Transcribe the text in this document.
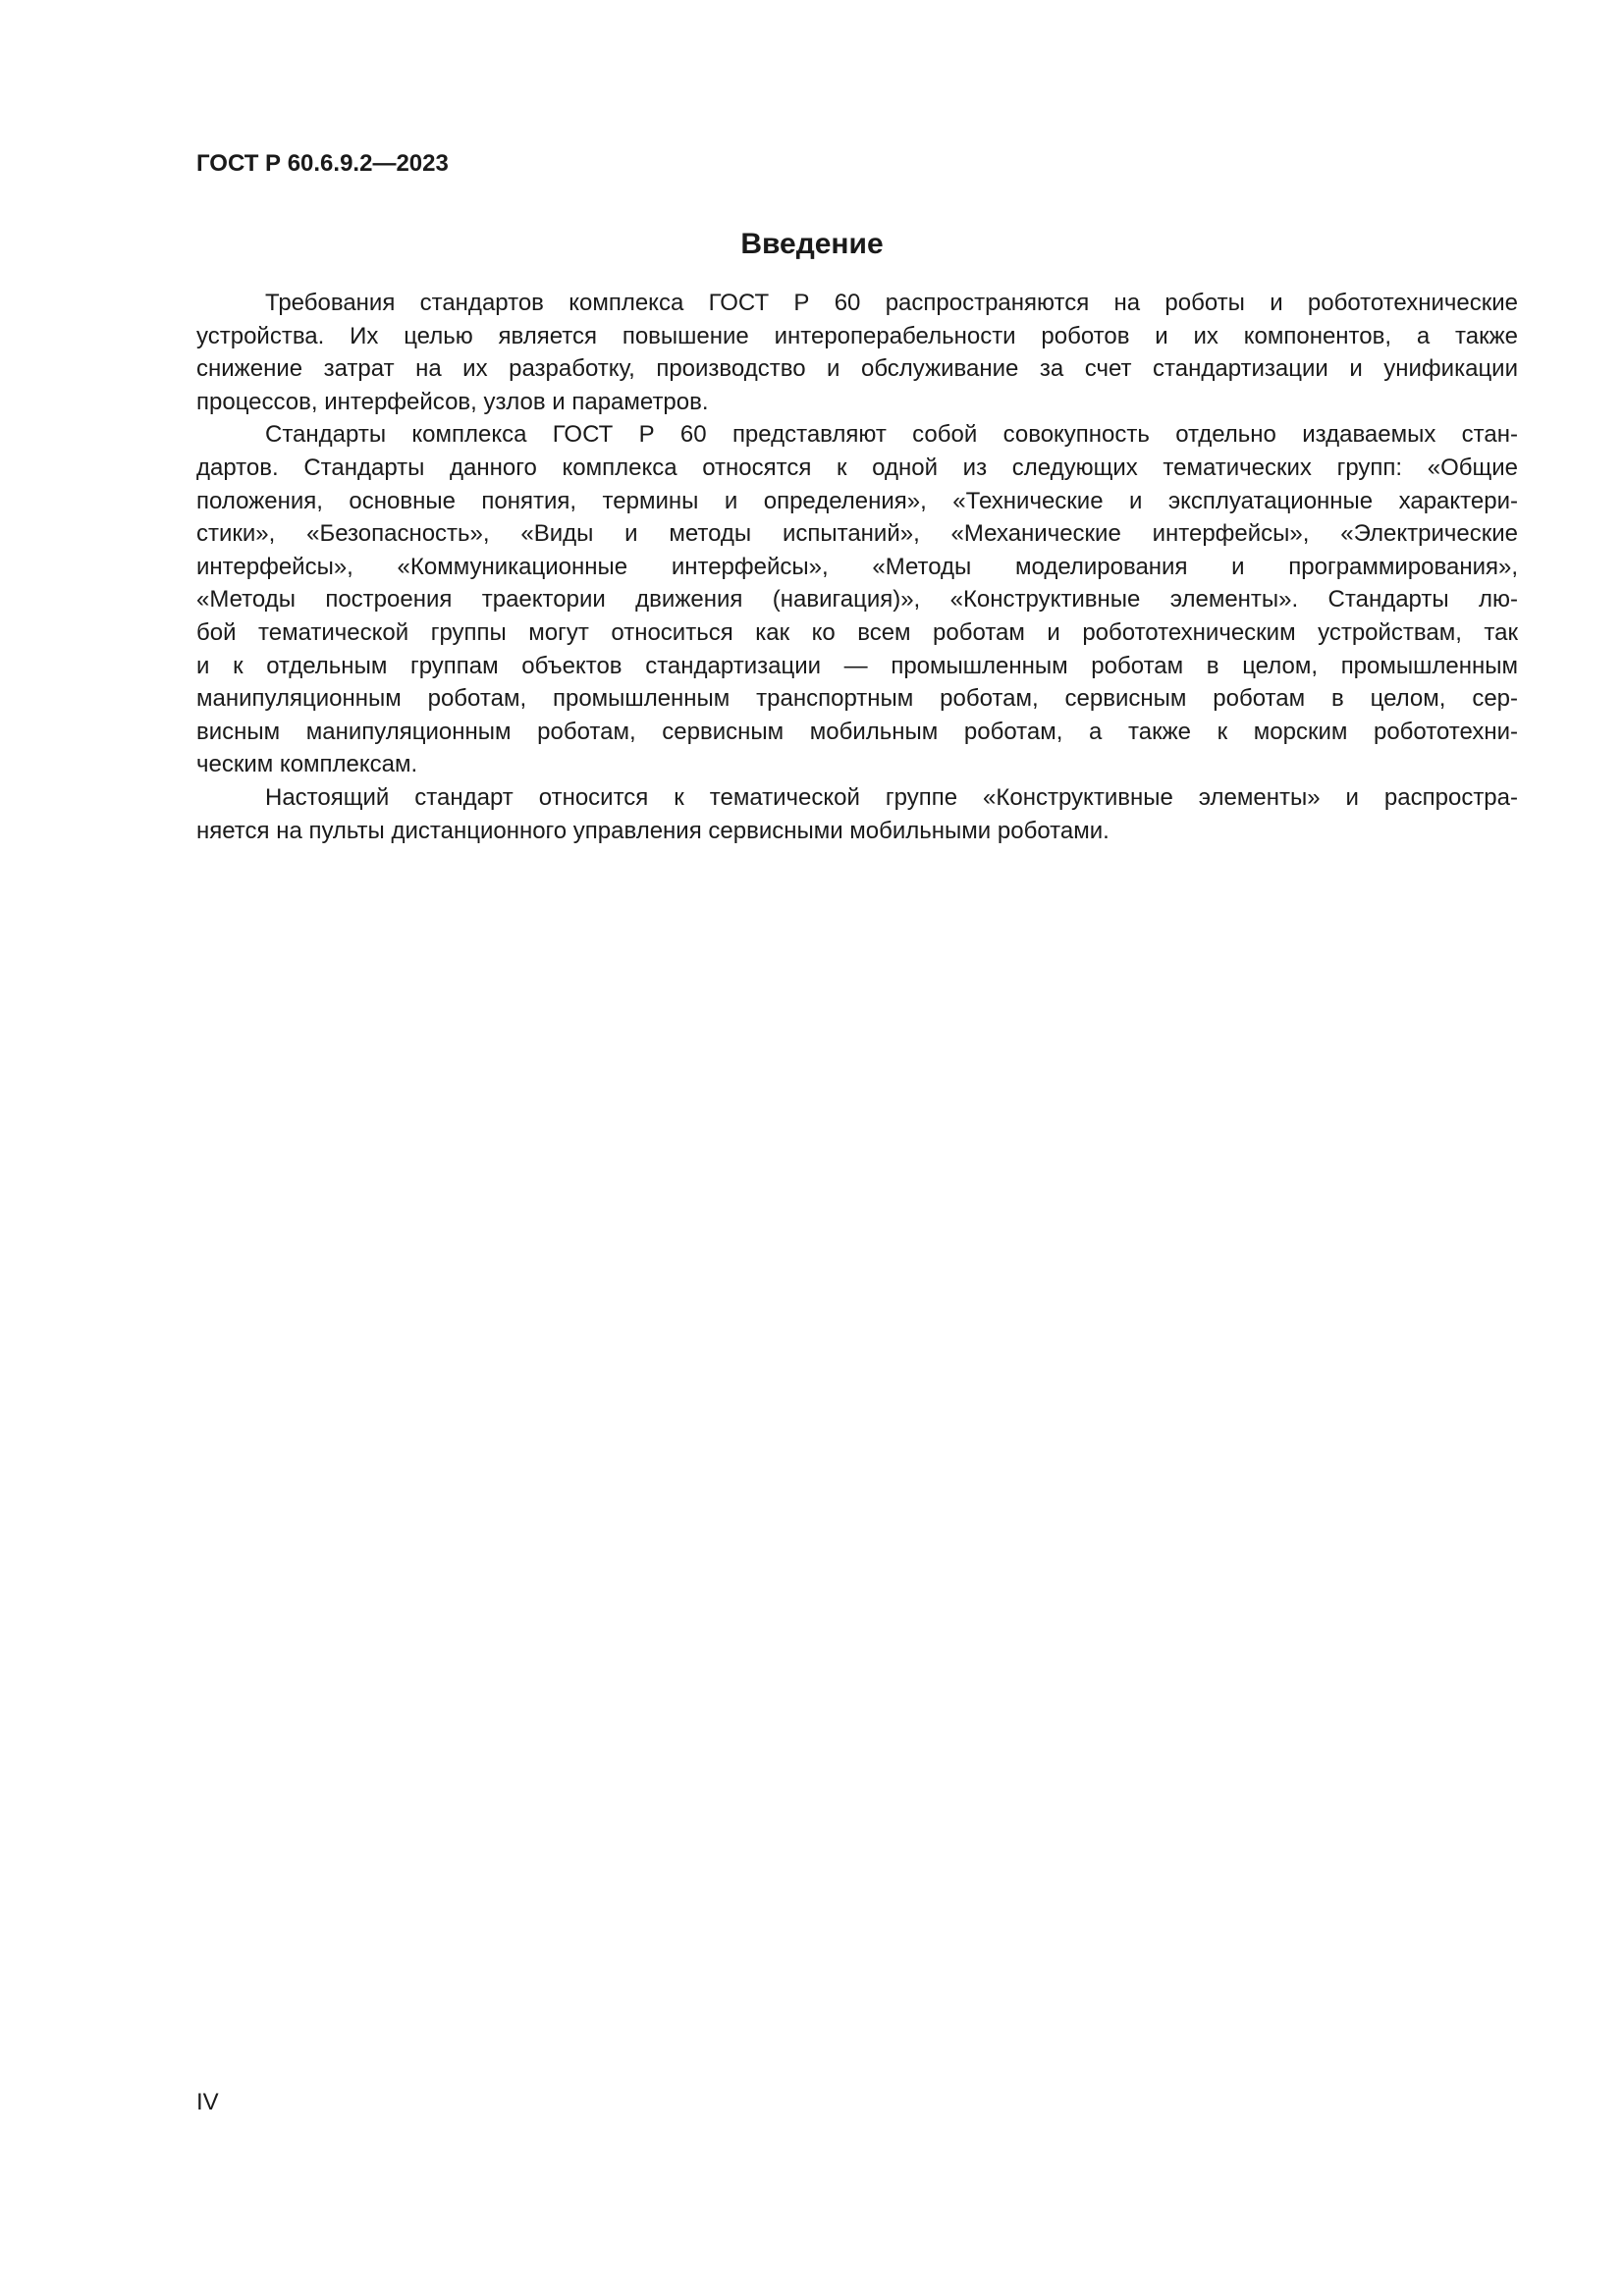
ГОСТ Р 60.6.9.2—2023
Введение
Требования стандартов комплекса ГОСТ Р 60 распространяются на роботы и робототехнические
устройства. Их целью является повышение интероперабельности роботов и их компонентов, а также
снижение затрат на их разработку, производство и обслуживание за счет стандартизации и унификации
процессов, интерфейсов, узлов и параметров.
Стандарты комплекса ГОСТ Р 60 представляют собой совокупность отдельно издаваемых стан-
дартов. Стандарты данного комплекса относятся к одной из следующих тематических групп: «Общие
положения, основные понятия, термины и определения», «Технические и эксплуатационные характери-
стики», «Безопасность», «Виды и методы испытаний», «Механические интерфейсы», «Электрические
интерфейсы», «Коммуникационные интерфейсы», «Методы моделирования и программирования»,
«Методы построения траектории движения (навигация)», «Конструктивные элементы». Стандарты лю-
бой тематической группы могут относиться как ко всем роботам и робототехническим устройствам, так
и к отдельным группам объектов стандартизации — промышленным роботам в целом, промышленным
манипуляционным роботам, промышленным транспортным роботам, сервисным роботам в целом, сер-
висным манипуляционным роботам, сервисным мобильным роботам, а также к морским робототехни-
ческим комплексам.
Настоящий стандарт относится к тематической группе «Конструктивные элементы» и распростра-
няется на пульты дистанционного управления сервисными мобильными роботами.
IV
